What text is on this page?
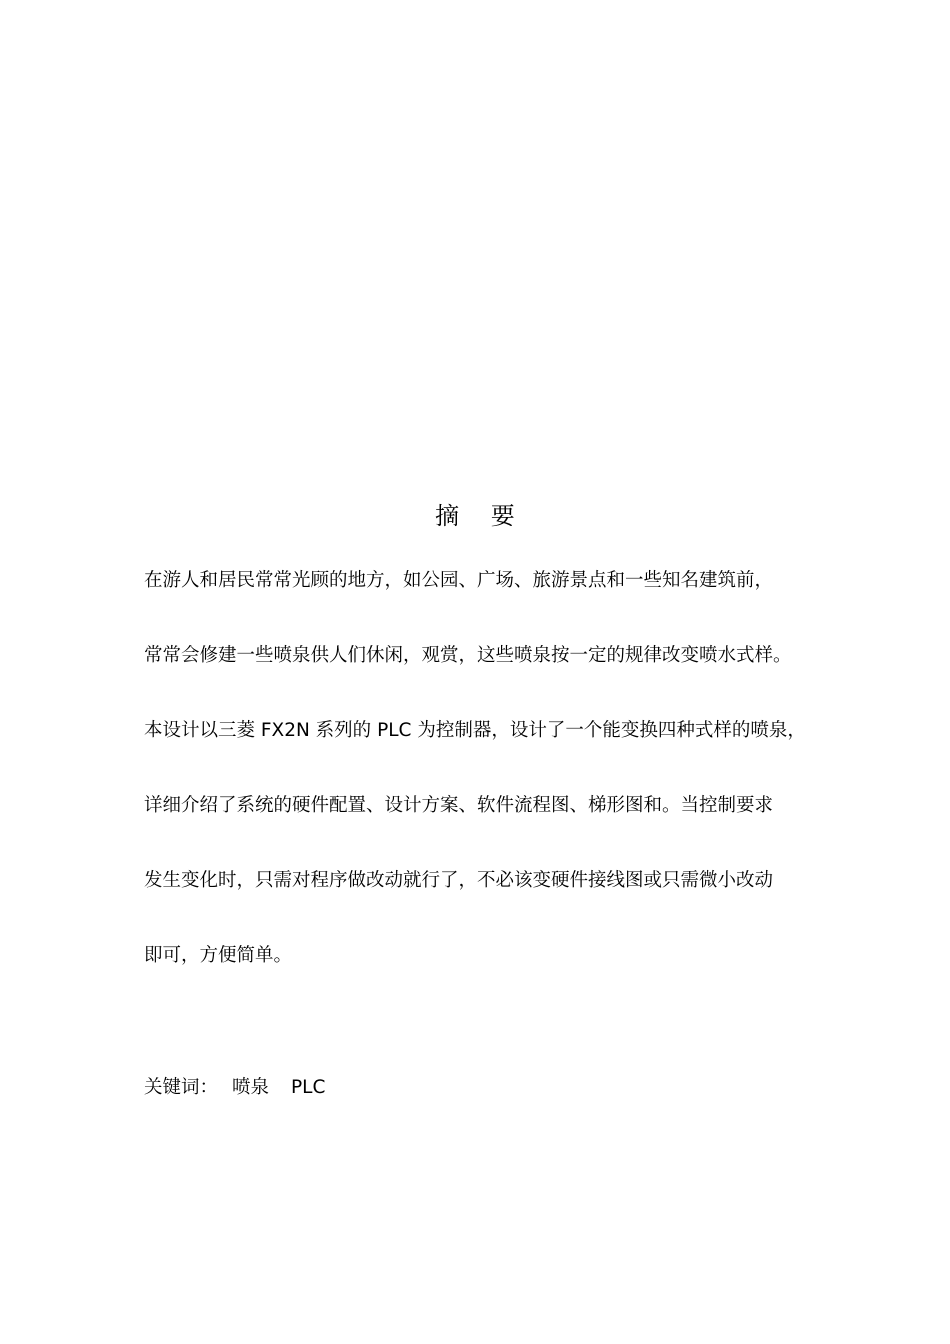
摘 要
在游人和居民常常光顾的地方，如公园、广场、旅游景点和一些知名建筑前，
常常会修建一些喷泉供人们休闲，观赏，这些喷泉按一定的规律改变喷水式样。
本设计以三菱 FX2N 系列的 PLC 为控制器，设计了一个能变换四种式样的喷泉，
详细介绍了系统的硬件配置、设计方案、软件流程图、梯形图和。当控制要求
发生变化时，只需对程序做改动就行了，不必该变硬件接线图或只需微小改动
即可，方便简单。
关键词： 喷泉 PLC
